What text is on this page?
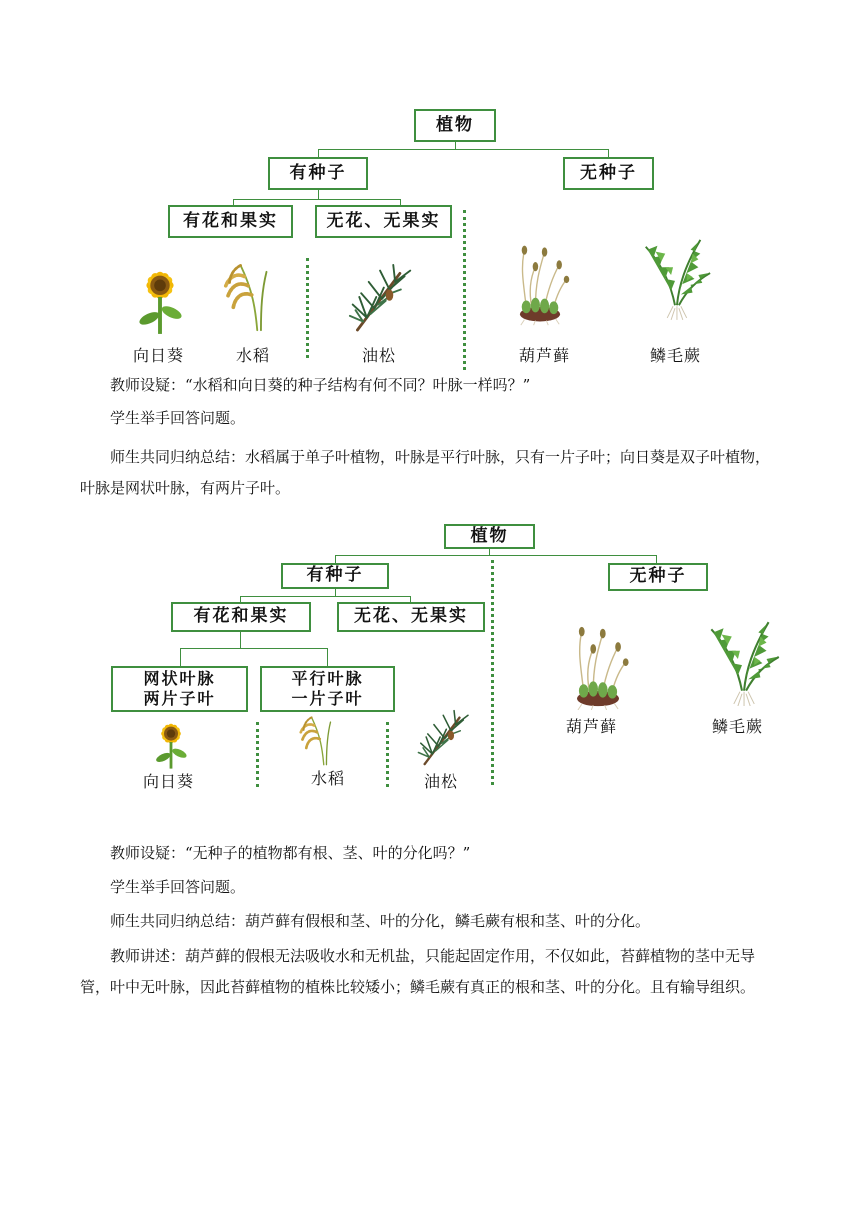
植物
有种子	无种子
有花和果实	无花、无果实
向日葵	水稻	油松	葫芦藓	鳞毛蕨

教师设疑：“水稻和向日葵的种子结构有何不同？叶脉一样吗？”

学生举手回答问题。

师生共同归纳总结：水稻属于单子叶植物，叶脉是平行叶脉，只有一片子叶；向日葵是双子叶植物，叶脉是网状叶脉，有两片子叶。

植物
有种子	无种子
有花和果实	无花、无果实
网状叶脉
两片子叶
平行叶脉
一片子叶
向日葵	水稻	油松
葫芦藓	鳞毛蕨

教师设疑：“无种子的植物都有根、茎、叶的分化吗？”

学生举手回答问题。

师生共同归纳总结：葫芦藓有假根和茎、叶的分化，鳞毛蕨有根和茎、叶的分化。

教师讲述：葫芦藓的假根无法吸收水和无机盐，只能起固定作用，不仅如此，苔藓植物的茎中无导管，叶中无叶脉，因此苔藓植物的植株比较矮小；鳞毛蕨有真正的根和茎、叶的分化。且有输导组织。
